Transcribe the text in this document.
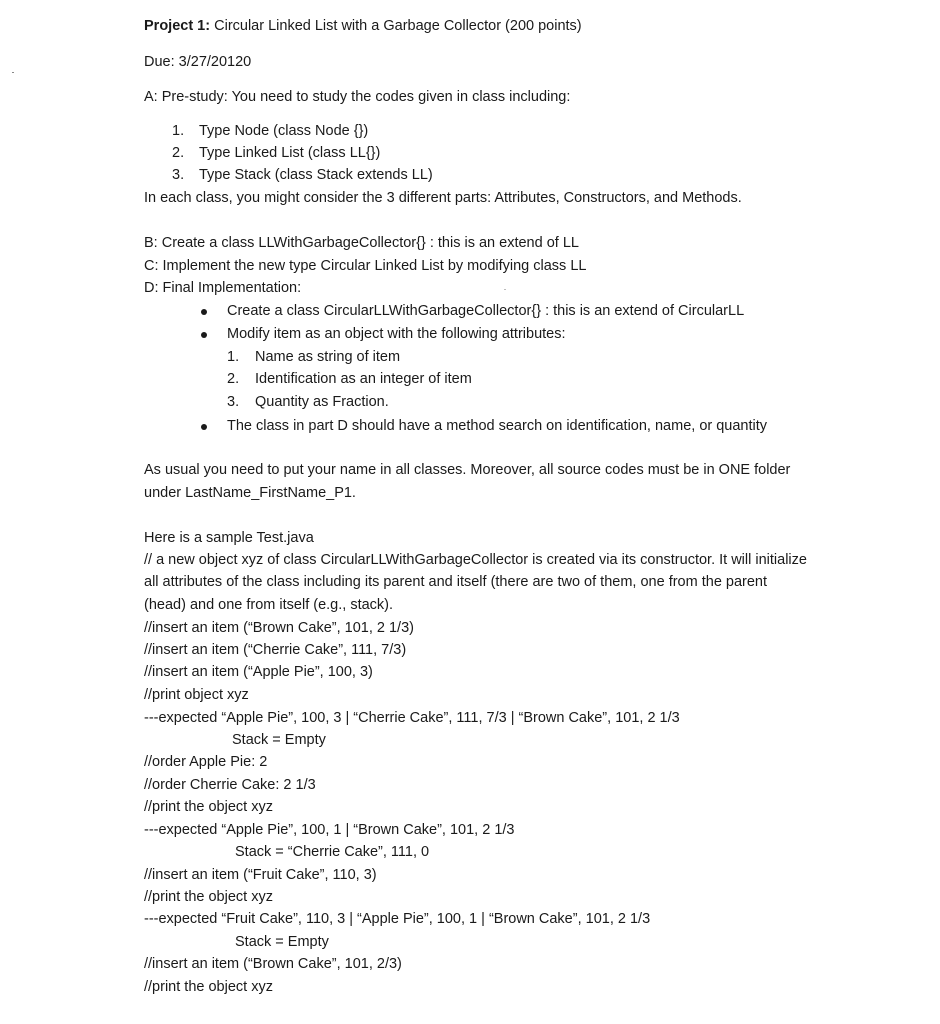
Project 1: Circular Linked List with a Garbage Collector (200 points)
Due: 3/27/20120
A: Pre-study: You need to study the codes given in class including:
1. Type Node (class Node {})
2. Type Linked List (class LL{})
3. Type Stack (class Stack extends LL)
In each class, you might consider the 3 different parts: Attributes, Constructors, and Methods.
B: Create a class LLWithGarbageCollector{} : this is an extend of LL
C: Implement the new type Circular Linked List by modifying class LL
D: Final Implementation:
Create a class CircularLLWithGarbageCollector{} : this is an extend of CircularLL
Modify item as an object with the following attributes:
1. Name as string of item
2. Identification as an integer of item
3. Quantity as Fraction.
The class in part D should have a method search on identification, name, or quantity
As usual you need to put your name in all classes. Moreover, all source codes must be in ONE folder
under LastName_FirstName_P1.
Here is a sample Test.java
// a new object xyz of class CircularLLWithGarbageCollector is created via its constructor. It will initialize
all attributes of the class including its parent and itself (there are two of them, one from the parent
(head) and one from itself (e.g., stack).
//insert an item (“Brown Cake”, 101, 2 1/3)
//insert an item (“Cherrie Cake”, 111, 7/3)
//insert an item (“Apple Pie”, 100, 3)
//print object xyz
---expected “Apple Pie”, 100, 3 | “Cherrie Cake”, 111, 7/3 | “Brown Cake”, 101, 2 1/3
Stack = Empty
//order Apple Pie: 2
//order Cherrie Cake: 2 1/3
//print the object xyz
---expected “Apple Pie”, 100, 1 | “Brown Cake”, 101, 2 1/3
Stack = “Cherrie Cake”, 111, 0
//insert an item (“Fruit Cake”, 110, 3)
//print the object xyz
---expected “Fruit Cake”, 110, 3 | “Apple Pie”, 100, 1 | “Brown Cake”, 101, 2 1/3
Stack = Empty
//insert an item (“Brown Cake”, 101, 2/3)
//print the object xyz
